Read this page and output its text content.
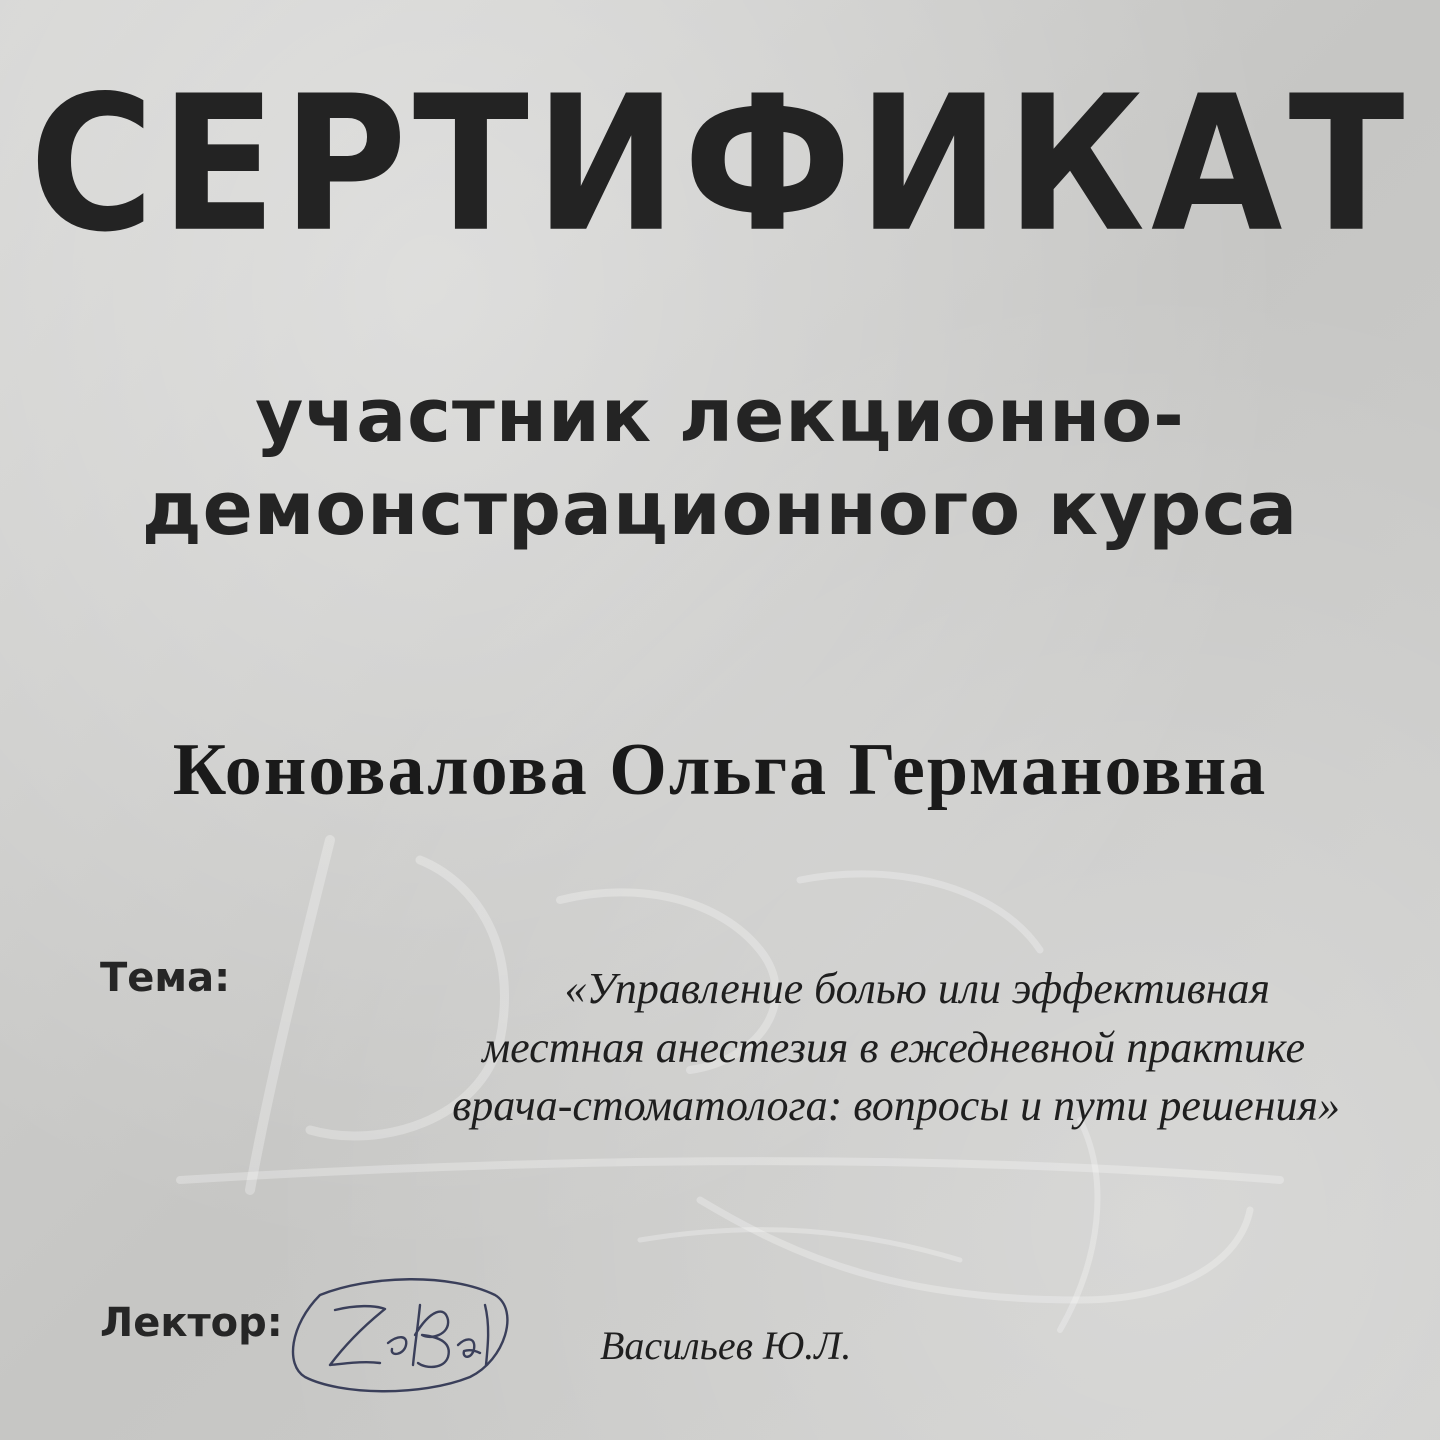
СЕРТИФИКАТ
участник лекционно-
демонстрационного курса
Коновалова Ольга Германовна
Тема:	«Управление болью или эффективная
местная анестезия в ежедневной практике
врача-стоматолога: вопросы и пути решения»
Лектор:	Васильев Ю.Л.
